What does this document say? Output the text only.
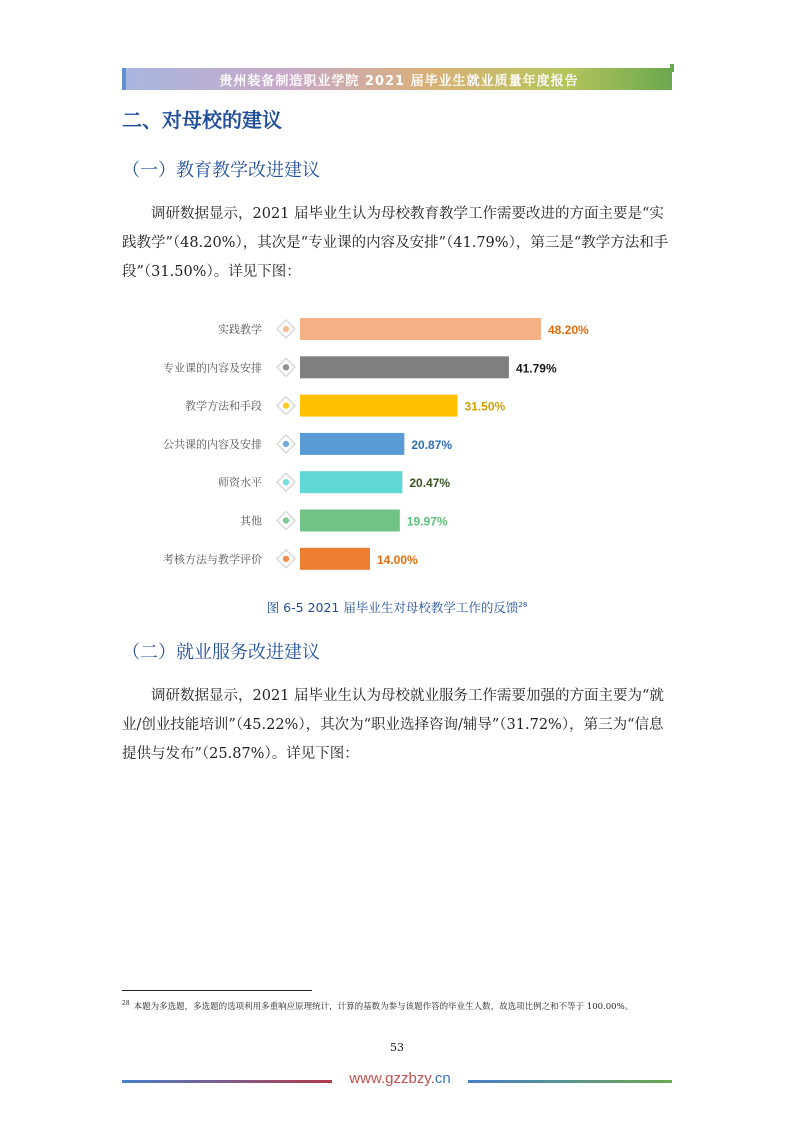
贵州装备制造职业学院 2021 届毕业生就业质量年度报告
二、对母校的建议
（一）教育教学改进建议
调研数据显示，2021 届毕业生认为母校教育教学工作需要改进的方面主要是“实践教学”（48.20%），其次是“专业课的内容及安排”（41.79%），第三是“教学方法和手段”（31.50%）。详见下图：
实践教学	48.20%
专业课的内容及安排	41.79%
教学方法和手段	31.50%
公共课的内容及安排	20.87%
师资水平	20.47%
其他	19.97%
考核方法与教学评价	14.00%
图 6-5 2021 届毕业生对母校教学工作的反馈$^{28}$
（二）就业服务改进建议
调研数据显示，2021 届毕业生认为母校就业服务工作需要加强的方面主要为“就业/创业技能培训”（45.22%），其次为“职业选择咨询/辅导”（31.72%），第三为“信息提供与发布”（25.87%）。详见下图：
$^{28}$ 本题为多选题，多选题的选项利用多重响应原理统计，计算的基数为参与该题作答的毕业生人数，故选项比例之和不等于 100.00%。
53
www.gzzbzy.cn
